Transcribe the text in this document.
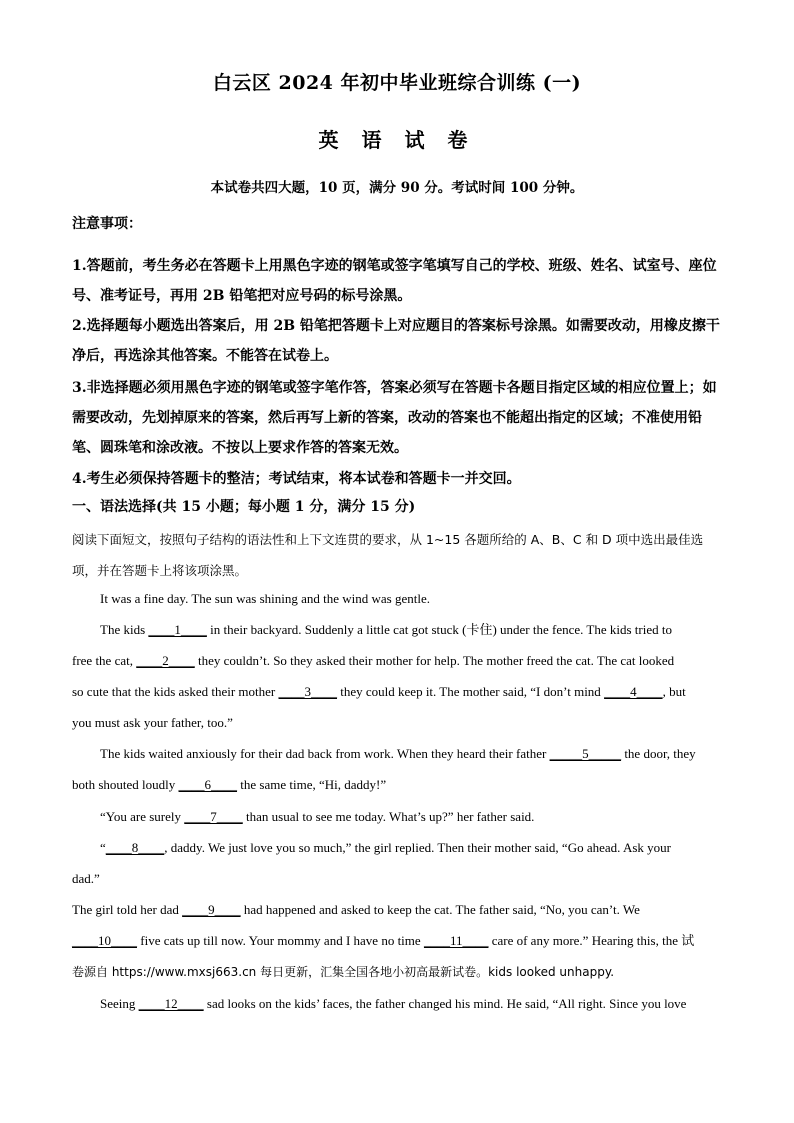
白云区 2024 年初中毕业班综合训练 (一)
英 语 试 卷
本试卷共四大题，10 页，满分 90 分。考试时间 100 分钟。
注意事项：
1.答题前，考生务必在答题卡上用黑色字迹的钢笔或签字笔填写自己的学校、班级、姓名、试室号、座位号、准考证号，再用 2B 铅笔把对应号码的标号涂黑。
2.选择题每小题选出答案后，用 2B 铅笔把答题卡上对应题目的答案标号涂黑。如需要改动，用橡皮擦干净后，再选涂其他答案。不能答在试卷上。
3.非选择题必须用黑色字迹的钢笔或签字笔作答，答案必须写在答题卡各题目指定区域的相应位置上；如需要改动，先划掉原来的答案，然后再写上新的答案，改动的答案也不能超出指定的区域；不准使用铅笔、圆珠笔和涂改液。不按以上要求作答的答案无效。
4.考生必须保持答题卡的整洁；考试结束，将本试卷和答题卡一并交回。
一、语法选择(共 15 小题；每小题 1 分，满分 15 分)
阅读下面短文，按照句子结构的语法性和上下文连贯的要求，从 1~15 各题所给的 A、B、C 和 D 项中选出最佳选项，并在答题卡上将该项涂黑。
It was a fine day. The sun was shining and the wind was gentle.
The kids ____1____ in their backyard. Suddenly a little cat got stuck (卡住) under the fence. The kids tried to
free the cat, ____2____ they couldn’t. So they asked their mother for help. The mother freed the cat. The cat looked
so cute that the kids asked their mother ____3____ they could keep it. The mother said, “I don’t mind ____4____, but
you must ask your father, too.”
The kids waited anxiously for their dad back from work. When they heard their father _____5_____ the door, they
both shouted loudly ____6____ the same time, “Hi, daddy!”
“You are surely ____7____ than usual to see me today. What’s up?” her father said.
“____8____, daddy. We just love you so much,” the girl replied. Then their mother said, “Go ahead. Ask your
dad.”
The girl told her dad ____9____ had happened and asked to keep the cat. The father said, “No, you can’t. We
____10____ five cats up till now. Your mommy and I have no time ____11____ care of any more.” Hearing this, the 试
卷源自 https://www.mxsj663.cn 每日更新，汇集全国各地小初高最新试卷。kids looked unhappy.
Seeing ____12____ sad looks on the kids’ faces, the father changed his mind. He said, “All right. Since you love
